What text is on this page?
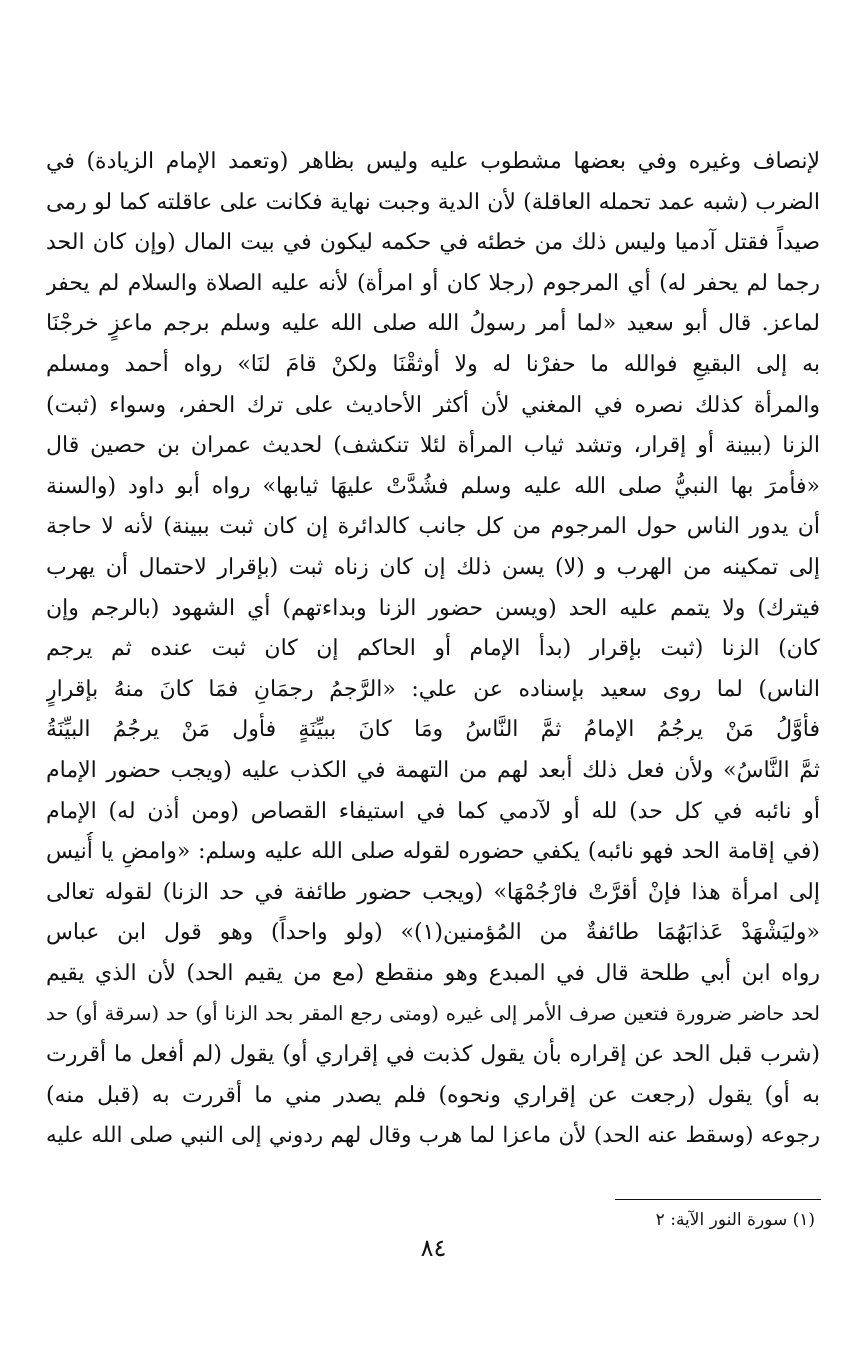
لإنصاف وغيره وفي بعضها مشطوب عليه وليس بظاهر (وتعمد الإمام الزيادة) في
الضرب (شبه عمد تحمله العاقلة) لأن الدية وجبت نهاية فكانت على عاقلته كما لو رمى
صيداً فقتل آدميا وليس ذلك من خطئه في حكمه ليكون في بيت المال (وإن كان الحد
رجما لم يحفر له) أي المرجوم (رجلا كان أو امرأة) لأنه عليه الصلاة والسلام لم يحفر
لماعز. قال أبو سعيد «لما أمر رسولُ الله صلى الله عليه وسلم برجم ماعزٍ خرجْنَا
به إلى البقيعِ فوالله ما حفرْنا له ولا أوثقْنَا ولكنْ قامَ لنَا» رواه أحمد ومسلم
والمرأة كذلك نصره في المغني لأن أكثر الأحاديث على ترك الحفر، وسواء (ثبت)
الزنا (ببينة أو إقرار، وتشد ثياب المرأة لئلا تنكشف) لحديث عمران بن حصين قال
«فأمرَ بها النبيُّ صلى الله عليه وسلم فشُدَّتْ عليهَا ثيابها» رواه أبو داود (والسنة
أن يدور الناس حول المرجوم من كل جانب كالدائرة إن كان ثبت ببينة) لأنه لا حاجة
إلى تمكينه من الهرب و (لا) يسن ذلك إن كان زناه ثبت (بإقرار لاحتمال أن يهرب
فيترك) ولا يتمم عليه الحد (ويسن حضور الزنا وبداءتهم) أي الشهود (بالرجم وإن
كان) الزنا (ثبت بإقرار (بدأ الإمام أو الحاكم إن كان ثبت عنده ثم يرجم
الناس) لما روى سعيد بإسناده عن علي: «الرَّجمُ رجمَانِ فمَا كانَ منهُ بإقرارٍ
فأوَّلُ مَنْ يرجُمُ الإمامُ ثمَّ النَّاسُ ومَا كانَ ببيِّنَةٍ فأول مَنْ يرجُمُ البيِّنَةُ
ثمَّ النَّاسُ» ولأن فعل ذلك أبعد لهم من التهمة في الكذب عليه (ويجب حضور الإمام
أو نائبه في كل حد) لله أو لآدمي كما في استيفاء القصاص (ومن أذن له) الإمام
(في إقامة الحد فهو نائبه) يكفي حضوره لقوله صلى الله عليه وسلم: «وامضِ يا أُنيس
إلى امرأة هذا فإنْ أقرَّتْ فارْجُمْهَا» (ويجب حضور طائفة في حد الزنا) لقوله تعالى
«وليَشْهَدْ عَذابَهُمَا طائفةٌ من المُؤمنين(١)» (ولو واحداً) وهو قول ابن عباس
رواه ابن أبي طلحة قال في المبدع وهو منقطع (مع من يقيم الحد) لأن الذي يقيم
لحد حاضر ضرورة فتعين صرف الأمر إلى غيره (ومتى رجع المقر بحد الزنا أو) حد (سرقة أو) حد
(شرب قبل الحد عن إقراره بأن يقول كذبت في إقراري أو) يقول (لم أفعل ما أقررت
به أو) يقول (رجعت عن إقراري ونحوه) فلم يصدر مني ما أقررت به (قبل منه)
رجوعه (وسقط عنه الحد) لأن ماعزا لما هرب وقال لهم ردوني إلى النبي صلى الله عليه
(١) سورة النور الآية: ٢
٨٤
